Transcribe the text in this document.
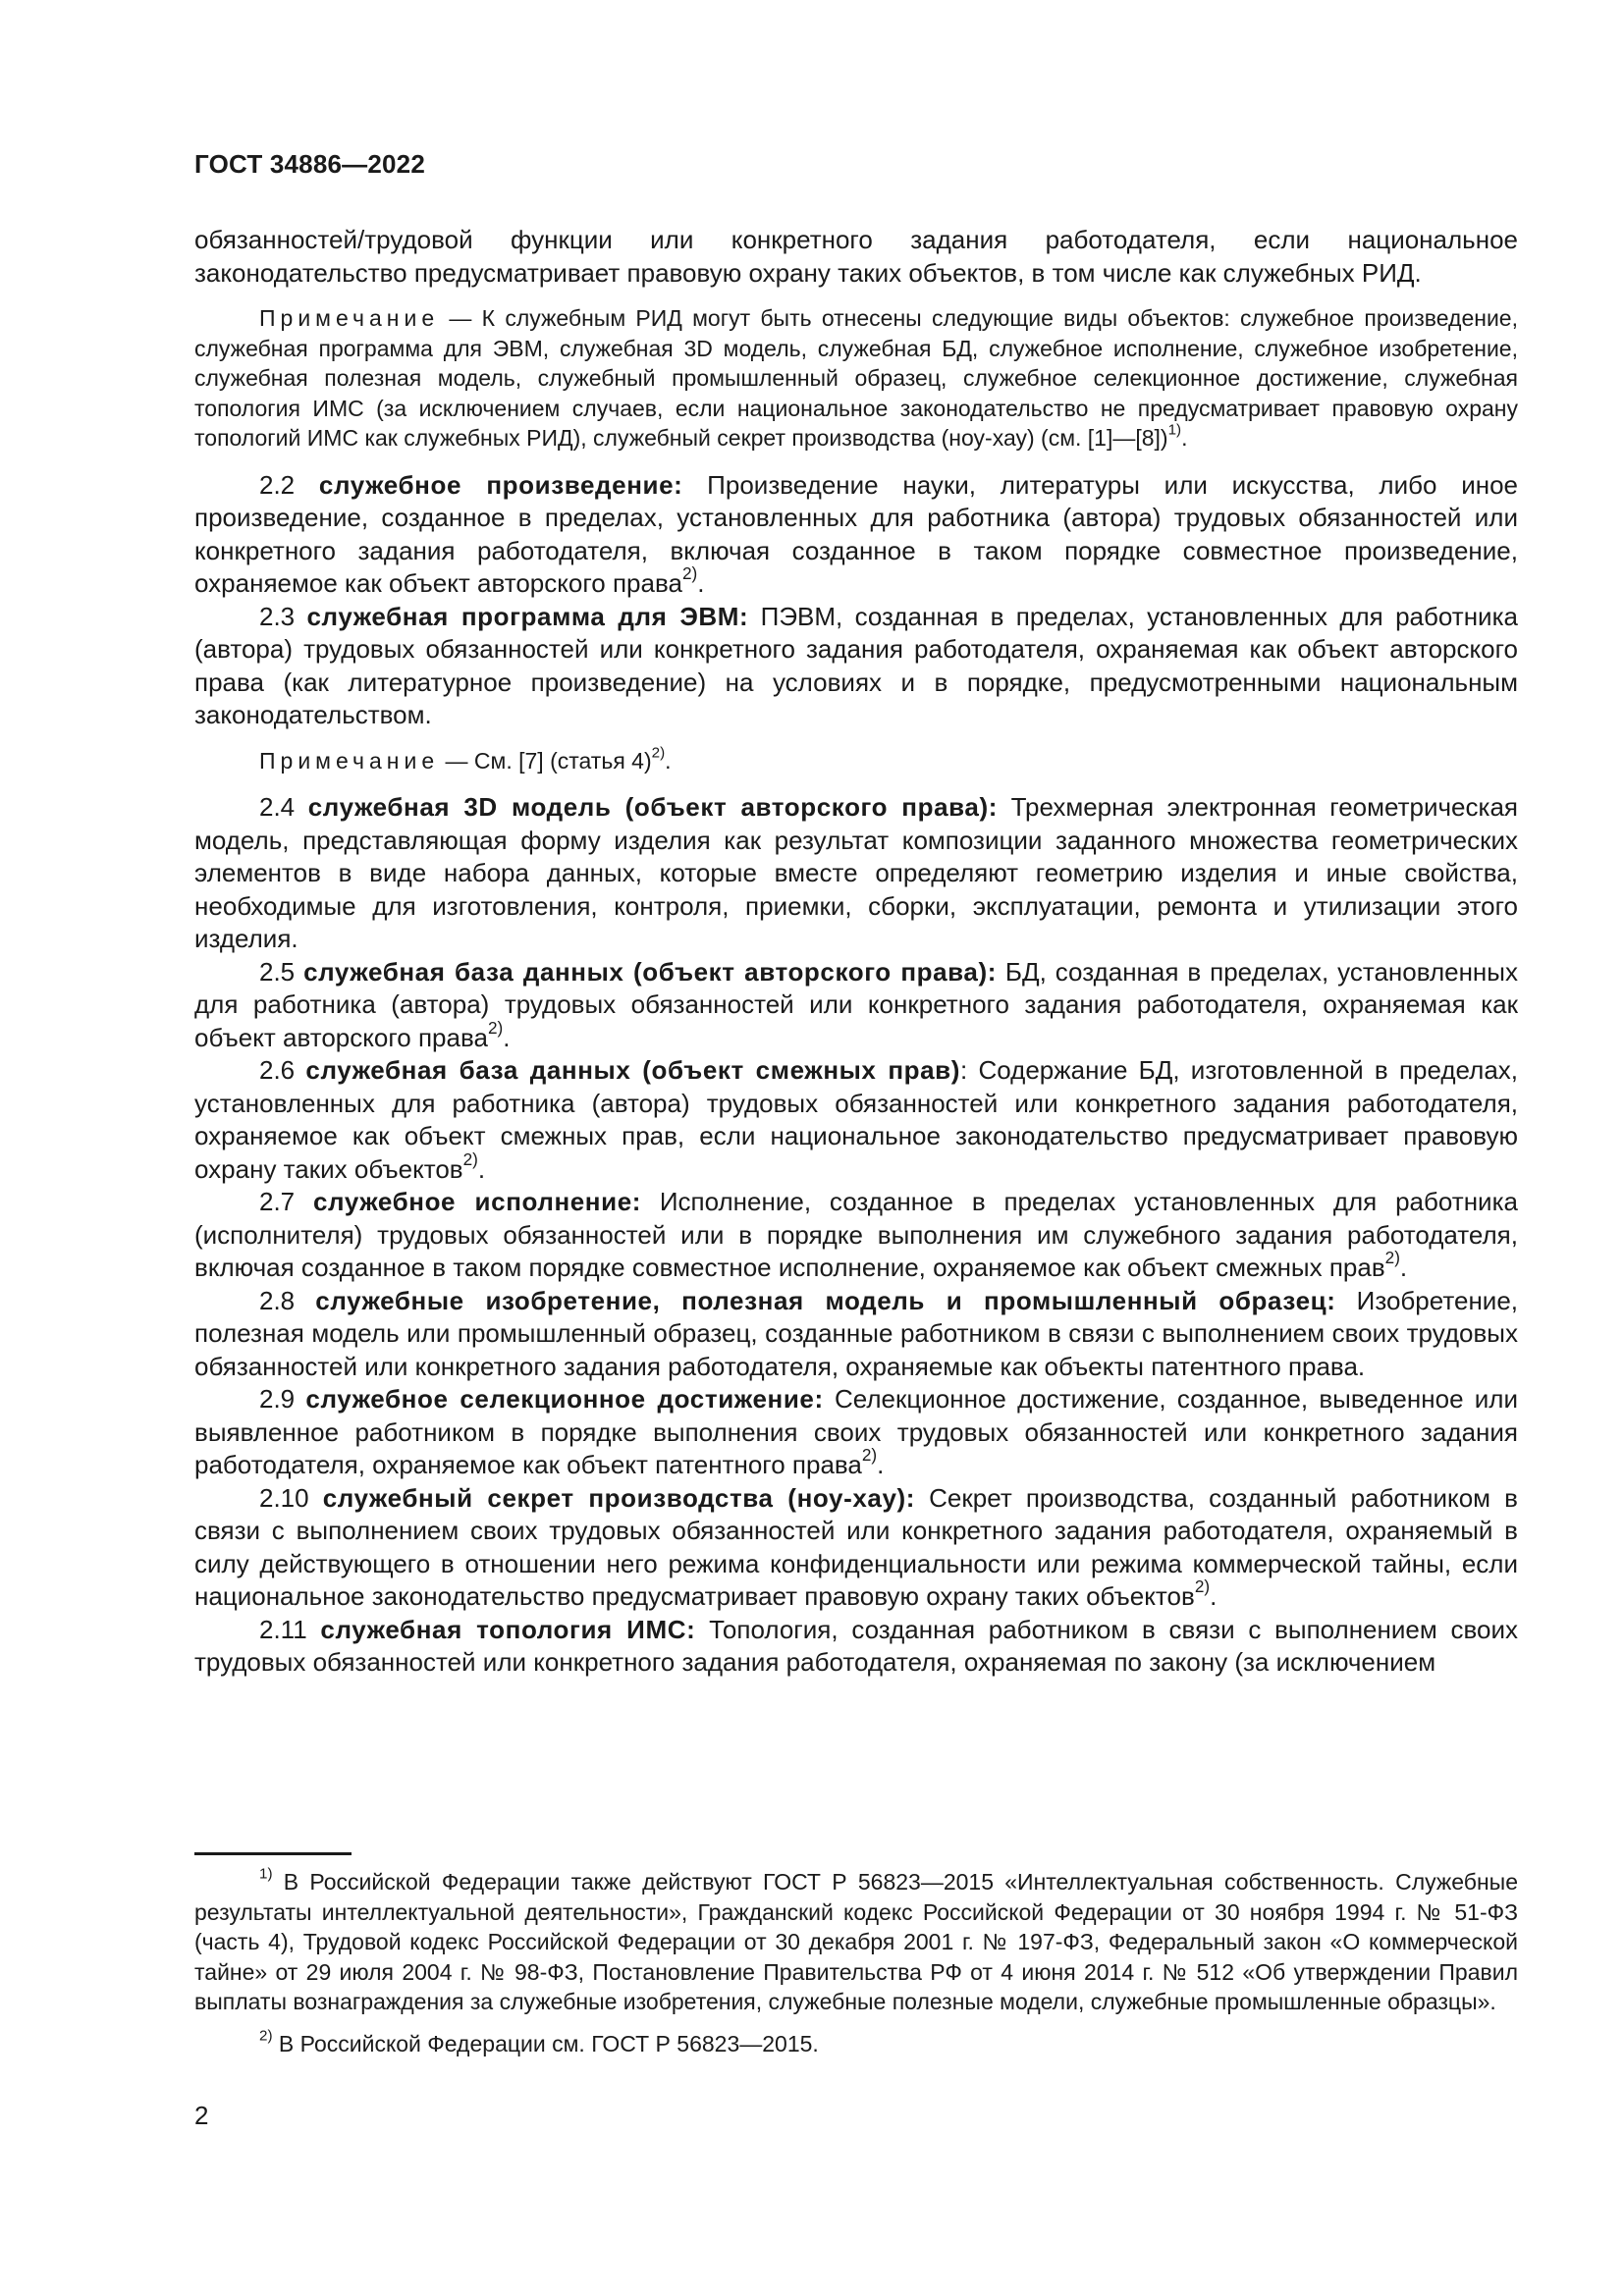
ГОСТ 34886—2022

обязанностей/трудовой функции или конкретного задания работодателя, если национальное законодательство предусматривает правовую охрану таких объектов, в том числе как служебных РИД.

Примечание — К служебным РИД могут быть отнесены следующие виды объектов: служебное произведение, служебная программа для ЭВМ, служебная 3D модель, служебная БД, служебное исполнение, служебное изобретение, служебная полезная модель, служебный промышленный образец, служебное селекционное достижение, служебная топология ИМС (за исключением случаев, если национальное законодательство не предусматривает правовую охрану топологий ИМС как служебных РИД), служебный секрет производства (ноу-хау) (см. [1]—[8])$^{1)}$.

2.2 служебное произведение: Произведение науки, литературы или искусства, либо иное произведение, созданное в пределах, установленных для работника (автора) трудовых обязанностей или конкретного задания работодателя, включая созданное в таком порядке совместное произведение, охраняемое как объект авторского права$^{2)}$.

2.3 служебная программа для ЭВМ: ПЭВМ, созданная в пределах, установленных для работника (автора) трудовых обязанностей или конкретного задания работодателя, охраняемая как объект авторского права (как литературное произведение) на условиях и в порядке, предусмотренными национальным законодательством.

Примечание — См. [7] (статья 4)$^{2)}$.

2.4 служебная 3D модель (объект авторского права): Трехмерная электронная геометрическая модель, представляющая форму изделия как результат композиции заданного множества геометрических элементов в виде набора данных, которые вместе определяют геометрию изделия и иные свойства, необходимые для изготовления, контроля, приемки, сборки, эксплуатации, ремонта и утилизации этого изделия.

2.5 служебная база данных (объект авторского права): БД, созданная в пределах, установленных для работника (автора) трудовых обязанностей или конкретного задания работодателя, охраняемая как объект авторского права$^{2)}$.

2.6 служебная база данных (объект смежных прав): Содержание БД, изготовленной в пределах, установленных для работника (автора) трудовых обязанностей или конкретного задания работодателя, охраняемое как объект смежных прав, если национальное законодательство предусматривает правовую охрану таких объектов$^{2)}$.

2.7 служебное исполнение: Исполнение, созданное в пределах установленных для работника (исполнителя) трудовых обязанностей или в порядке выполнения им служебного задания работодателя, включая созданное в таком порядке совместное исполнение, охраняемое как объект смежных прав$^{2)}$.

2.8 служебные изобретение, полезная модель и промышленный образец: Изобретение, полезная модель или промышленный образец, созданные работником в связи с выполнением своих трудовых обязанностей или конкретного задания работодателя, охраняемые как объекты патентного права.

2.9 служебное селекционное достижение: Селекционное достижение, созданное, выведенное или выявленное работником в порядке выполнения своих трудовых обязанностей или конкретного задания работодателя, охраняемое как объект патентного права$^{2)}$.

2.10 служебный секрет производства (ноу-хау): Секрет производства, созданный работником в связи с выполнением своих трудовых обязанностей или конкретного задания работодателя, охраняемый в силу действующего в отношении него режима конфиденциальности или режима коммерческой тайны, если национальное законодательство предусматривает правовую охрану таких объектов$^{2)}$.

2.11 служебная топология ИМС: Топология, созданная работником в связи с выполнением своих трудовых обязанностей или конкретного задания работодателя, охраняемая по закону (за исключением

$^{1)}$ В Российской Федерации также действуют ГОСТ Р 56823—2015 «Интеллектуальная собственность. Служебные результаты интеллектуальной деятельности», Гражданский кодекс Российской Федерации от 30 ноября 1994 г. № 51-ФЗ (часть 4), Трудовой кодекс Российской Федерации от 30 декабря 2001 г. № 197-ФЗ, Федеральный закон «О коммерческой тайне» от 29 июля 2004 г. № 98-ФЗ, Постановление Правительства РФ от 4 июня 2014 г. № 512 «Об утверждении Правил выплаты вознаграждения за служебные изобретения, служебные полезные модели, служебные промышленные образцы».

$^{2)}$ В Российской Федерации см. ГОСТ Р 56823—2015.

2
